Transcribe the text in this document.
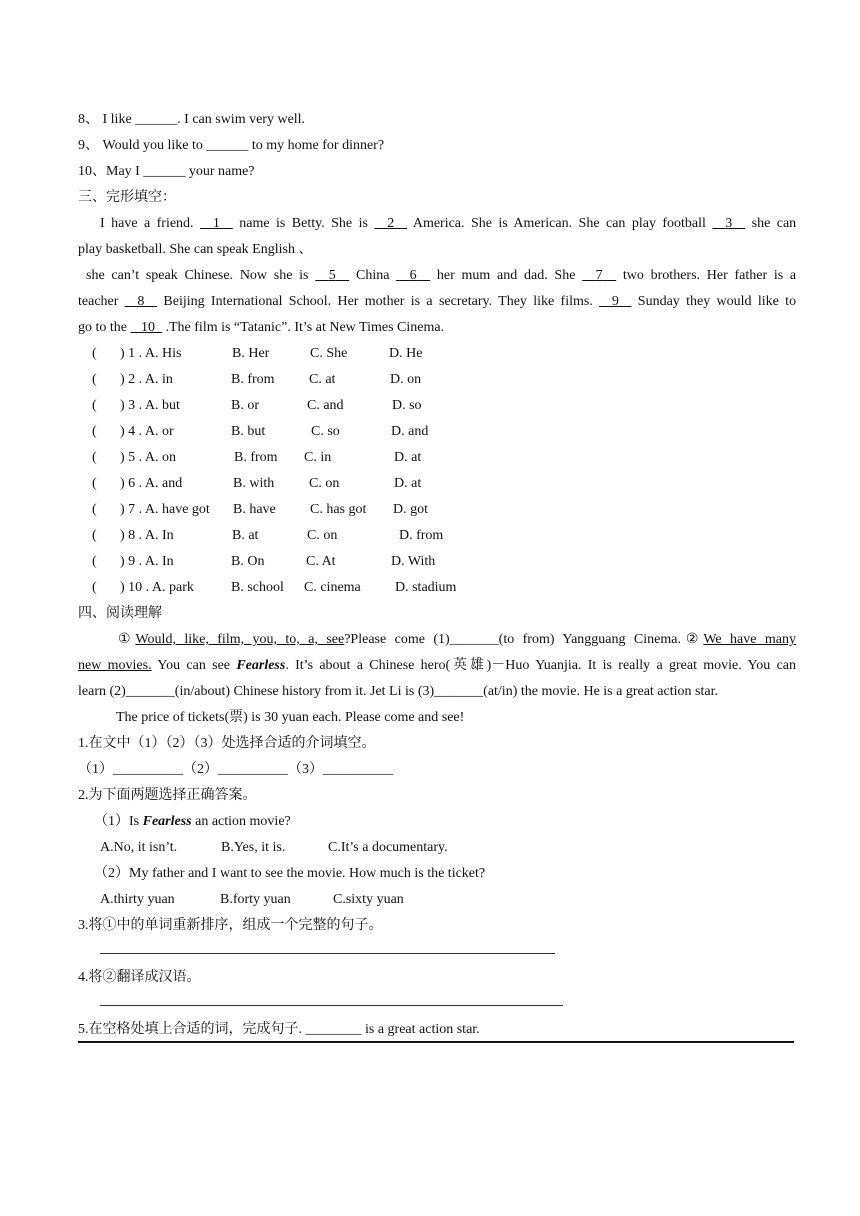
8、 I like ______. I can swim very well.
9、 Would you like to ______ to my home for dinner?
10、May I ______ your name?
三、完形填空：
I have a friend. 1 name is Betty. She is 2 America. She is American. She can play football 3 she can
play basketball. She can speak English 、
she can’t speak Chinese. Now she is 5 China 6 her mum and dad. She 7 two brothers. Her father is a
teacher 8 Beijing International School. Her mother is a secretary. They like films. 9 Sunday they would like to
go to the 10 .The film is “Tatanic”. It’s at New Times Cinema.
( ) 1 . A. His	B. Her	C. She	D. He
( ) 2 . A. in	B. from C. at	D. on
( ) 3 . A. but	B. or	C. and	D. so
( ) 4 . A. or	B. but	C. so	D. and
( ) 5 . A. on	B. from C. in	D. at
( ) 6 . A. and	B. with C. on	D. at
( ) 7 . A. have got B. have C. has got D. got
( ) 8 . A. In	B. at	C. on	D. from
( ) 9 . A. In	B. On	C. At	D. With
( ) 10 . A. park	B. school C. cinema D. stadium
四、阅读理解
①Would, like, film, you, to, a, see?Please come (1)_______(to from) Yangguang Cinema.②We have many
new movies. You can see Fearless. It’s about a Chinese hero(英雄)－Huo Yuanjia. It is really a great movie. You can
learn (2)_______(in/about) Chinese history from it. Jet Li is (3)_______(at/in) the movie. He is a great action star.
The price of tickets(票) is 30 yuan each. Please come and see!
1.在文中（1）（2）（3）处选择合适的介词填空。
（1）__________（2）__________（3）__________
2.为下面两题选择正确答案。
（1）Is Fearless an action movie?
A.No, it isn’t.	B.Yes, it is.	C.It’s a documentary.
（2）My father and I want to see the movie. How much is the ticket?
A.thirty yuan	B.forty yuan	C.sixty yuan
3.将①中的单词重新排序，组成一个完整的句子。
4.将②翻译成汉语。
5.在空格处填上合适的词，完成句子. ________ is a great action star.
